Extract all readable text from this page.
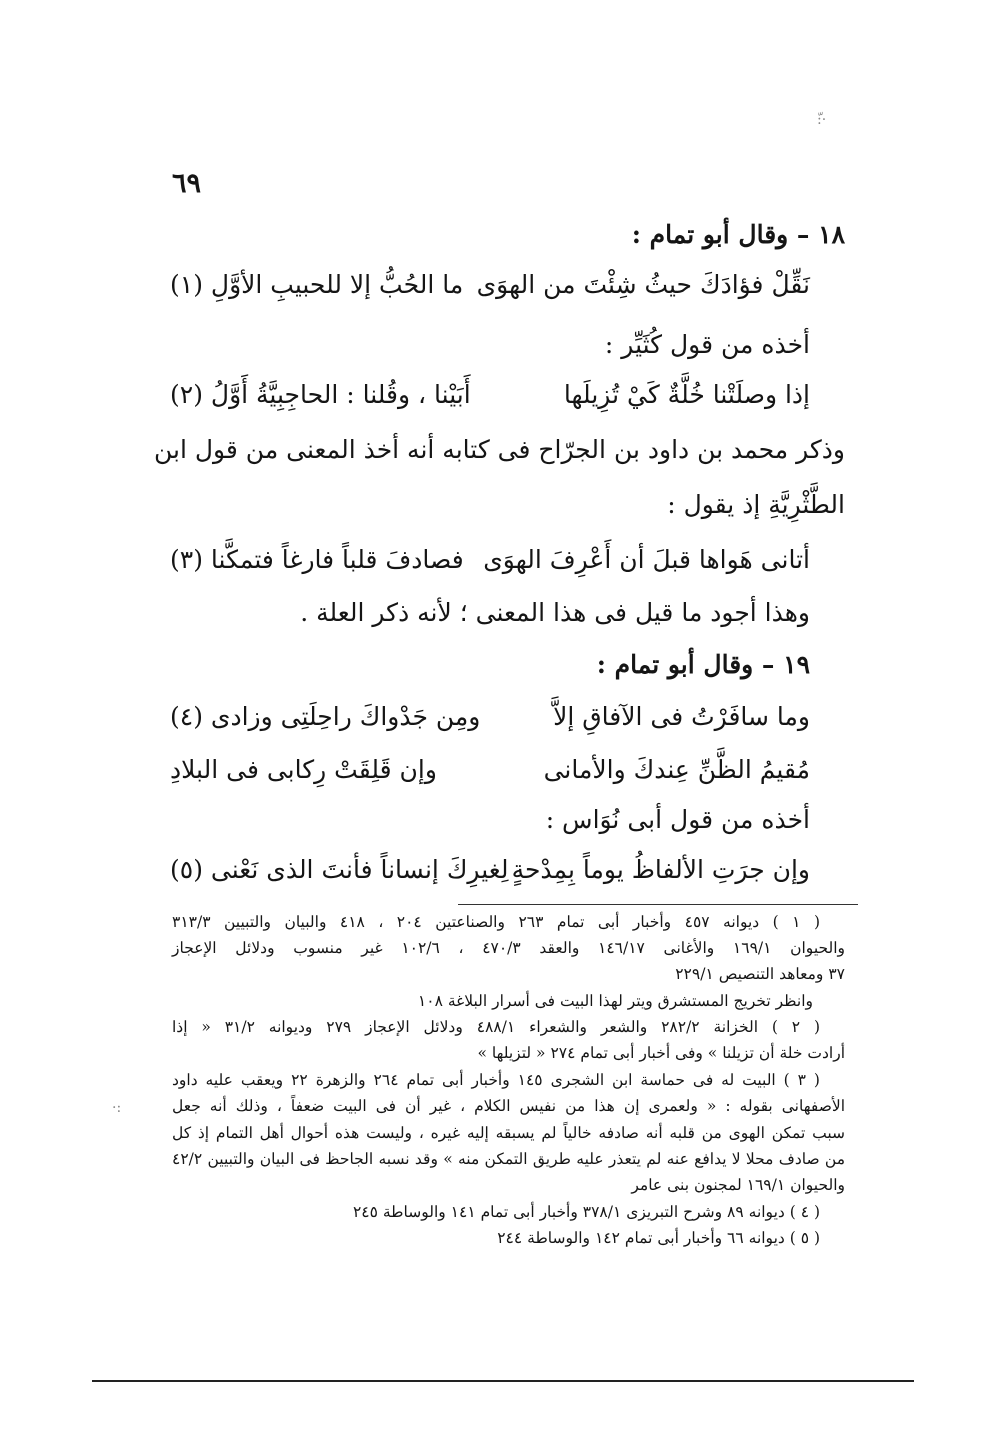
ّ:·
·:
٦٩
١٨ – وقال أبو تمام :
نَقِّلْ فؤادَكَ حيثُ شِئْتَ من الهوَى
ما الحُبُّ إلا للحبيبِ الأوَّلِ (١)
أخذه من قول كُثَيِّر :
إذا وصلَتْنا خُلَّةٌ كَيْ تُزِيلَها
أَبَيْنا ، وقُلنا : الحاجِبِيَّةُ أَوَّلُ (٢)
وذكر محمد بن داود بن الجرّاح فى كتابه أنه أخذ المعنى من قول ابن
الطَّثْرِيَّةِ إذ يقول :
أتانى هَواها قبلَ أن أَعْرِفَ الهوَى
فصادفَ قلباً فارغاً فتمكَّنا (٣)
وهذا أجود ما قيل فى هذا المعنى ؛ لأنه ذكر العلة .
١٩ – وقال أبو تمام :
وما سافَرْتُ فى الآفاقِ إلاَّ
ومِن جَدْواكَ راحِلَتِى وزادى (٤)
مُقيمُ الظَّنِّ عِندكَ والأمانى
وإن قَلِقَتْ رِكابى فى البلادِ
أخذه من قول أبى نُوَاس :
وإن جرَتِ الألفاظُ يوماً بِمِدْحةٍ
لِغيرِكَ إنساناً فأنتَ الذى نَعْنى (٥)
( ١ ) ديوانه ٤٥٧ وأخبار أبى تمام ٢٦٣ والصناعتين ٢٠٤ ، ٤١٨ والبيان والتبيين ٣١٣/٣
والحيوان ١٦٩/١ والأغانى ١٤٦/١٧ والعقد ٤٧٠/٣ ، ١٠٢/٦ غير منسوب ودلائل الإعجاز
٣٧ ومعاهد التنصيص ٢٢٩/١
وانظر تخريج المستشرق ويتر لهذا البيت فى أسرار البلاغة ١٠٨
( ٢ ) الخزانة ٢٨٢/٢ والشعر والشعراء ٤٨٨/١ ودلائل الإعجاز ٢٧٩ وديوانه ٣١/٢ « إذا
أرادت خلة أن تزيلنا » وفى أخبار أبى تمام ٢٧٤ « لتزيلها »
( ٣ ) البيت له فى حماسة ابن الشجرى ١٤٥ وأخبار أبى تمام ٢٦٤ والزهرة ٢٢ ويعقب عليه داود
الأصفهانى بقوله : « ولعمرى إن هذا من نفيس الكلام ، غير أن فى البيت ضعفاً ، وذلك أنه جعل
سبب تمكن الهوى من قلبه أنه صادفه خالياً لم يسبقه إليه غيره ، وليست هذه أحوال أهل التمام إذ كل
من صادف محلا لا يدافع عنه لم يتعذر عليه طريق التمكن منه » وقد نسبه الجاحظ فى البيان والتبيين ٤٢/٢
والحيوان ١٦٩/١ لمجنون بنى عامر
( ٤ ) ديوانه ٨٩ وشرح التبريزى ٣٧٨/١ وأخبار أبى تمام ١٤١ والوساطة ٢٤٥
( ٥ ) ديوانه ٦٦ وأخبار أبى تمام ١٤٢ والوساطة ٢٤٤
